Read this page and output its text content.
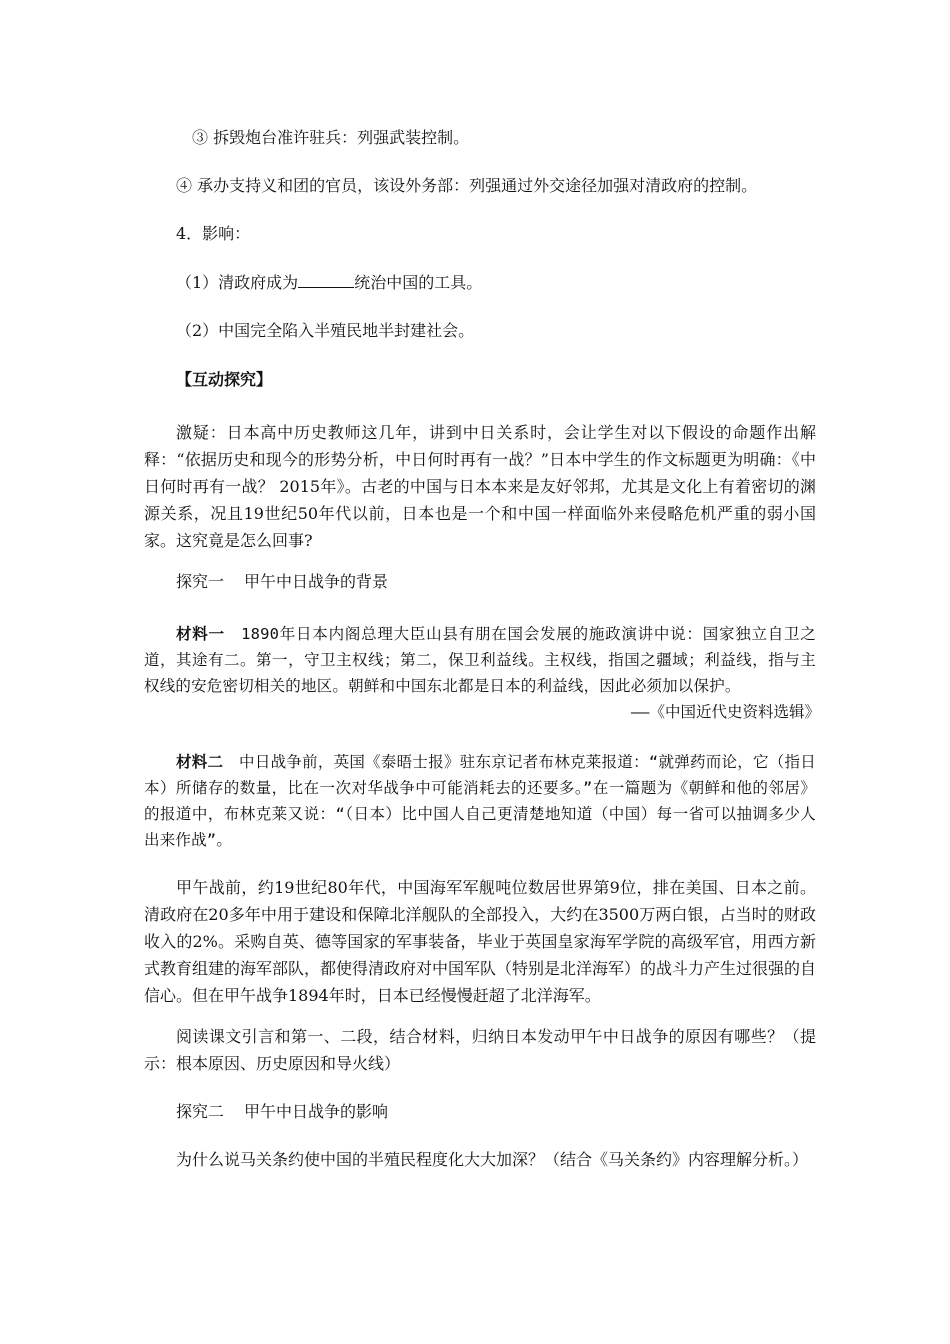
③ 拆毁炮台准许驻兵：列强武装控制。

④ 承办支持义和团的官员，该设外务部：列强通过外交途径加强对清政府的控制。

4．影响：

（1）清政府成为	统治中国的工具。

（2）中国完全陷入半殖民地半封建社会。

【互动探究】

激疑：日本高中历史教师这几年，讲到中日关系时，会让学生对以下假设的命题作出解释：“依据历史和现今的形势分析，中日何时再有一战？”日本中学生的作文标题更为明确：《中日何时再有一战？ 2015年》。古老的中国与日本本来是友好邻邦，尤其是文化上有着密切的渊源关系，况且19世纪50年代以前，日本也是一个和中国一样面临外来侵略危机严重的弱小国家。这究竟是怎么回事?

探究一 甲午中日战争的背景

材料一　1890年日本内阁总理大臣山县有朋在国会发展的施政演讲中说：国家独立自卫之道，其途有二。第一，守卫主权线；第二，保卫利益线。主权线，指国之疆域；利益线，指与主权线的安危密切相关的地区。朝鲜和中国东北都是日本的利益线，因此必须加以保护。

——《中国近代史资料选辑》

材料二　中日战争前，英国《泰晤士报》驻东京记者布林克莱报道：“就弹药而论，它（指日本）所储存的数量，比在一次对华战争中可能消耗去的还要多。”在一篇题为《朝鲜和他的邻居》的报道中，布林克莱又说：“（日本）比中国人自己更清楚地知道（中国）每一省可以抽调多少人出来作战”。

甲午战前，约19世纪80年代，中国海军军舰吨位数居世界第9位，排在美国、日本之前。清政府在20多年中用于建设和保障北洋舰队的全部投入，大约在3500万两白银，占当时的财政收入的2%。采购自英、德等国家的军事装备，毕业于英国皇家海军学院的高级军官，用西方新式教育组建的海军部队，都使得清政府对中国军队（特别是北洋海军）的战斗力产生过很强的自信心。但在甲午战争1894年时，日本已经慢慢赶超了北洋海军。

阅读课文引言和第一、二段，结合材料，归纳日本发动甲午中日战争的原因有哪些？（提示：根本原因、历史原因和导火线）

探究二 甲午中日战争的影响

为什么说马关条约使中国的半殖民程度化大大加深？（结合《马关条约》内容理解分析。）
